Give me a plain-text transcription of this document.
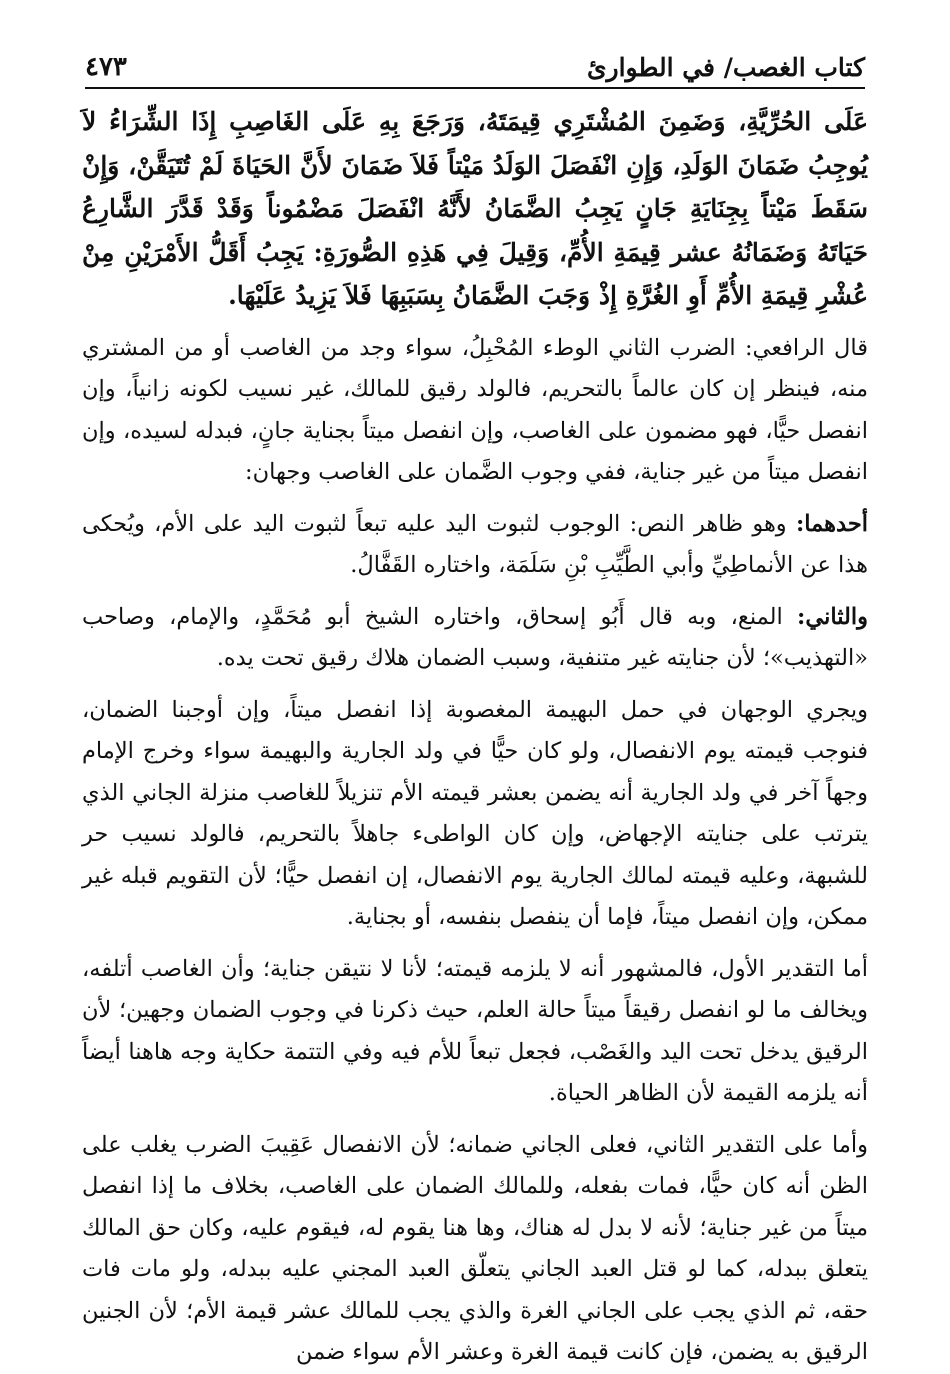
كتاب الغصب/ في الطوارئ
٤٧٣

عَلَى الحُرِّيَّةِ، وَضَمِنَ المُشْتَرِي قِيمَتَهُ، وَرَجَعَ بِهِ عَلَى الغَاصِبِ إِذَا الشِّرَاءُ لاَ يُوجِبُ ضَمَانَ الوَلَدِ، وَإِنِ انْفَصَلَ الوَلَدُ مَيْتاً فَلاَ ضَمَانَ لأَنَّ الحَيَاةَ لَمْ تُتَيَقَّنْ، وَإِنْ سَقَطَ مَيْتاً بِجِنَايَةِ جَانٍ يَجِبُ الضَّمَانُ لأَنَّهُ انْفَصَلَ مَضْمُوناً وَقَدْ قَدَّرَ الشَّارِعُ حَيَاتَهُ وَضَمَانُهُ عشر قِيمَةِ الأُمِّ، وَقِيلَ فِي هَذِهِ الصُّورَةِ: يَجِبُ أَقَلُّ الأَمْرَيْنِ مِنْ عُشْرِ قِيمَةِ الأُمِّ أَوِ الغُرَّةِ إِذْ وَجَبَ الضَّمَانُ بِسَبَبِهَا فَلاَ يَزِيدُ عَلَيْهَا.

قال الرافعي: الضرب الثاني الوطء المُحْبِلُ، سواء وجد من الغاصب أو من المشتري منه، فينظر إن كان عالماً بالتحريم، فالولد رقيق للمالك، غير نسيب لكونه زانياً، وإن انفصل حيًّا، فهو مضمون على الغاصب، وإن انفصل ميتاً بجناية جانٍ، فبدله لسيده، وإن انفصل ميتاً من غير جناية، ففي وجوب الضَّمان على الغاصب وجهان:

أحدهما: وهو ظاهر النص: الوجوب لثبوت اليد عليه تبعاً لثبوت اليد على الأم، ويُحكى هذا عن الأنماطِيِّ وأبي الطَّيِّبِ بْنِ سَلَمَة، واختاره القَفَّالُ.

والثاني: المنع، وبه قال أَبُو إسحاق، واختاره الشيخ أبو مُحَمَّدٍ، والإمام، وصاحب «التهذيب»؛ لأن جنايته غير متنفية، وسبب الضمان هلاك رقيق تحت يده.

ويجري الوجهان في حمل البهيمة المغصوبة إذا انفصل ميتاً، وإن أوجبنا الضمان، فنوجب قيمته يوم الانفصال، ولو كان حيًّا في ولد الجارية والبهيمة سواء وخرج الإمام وجهاً آخر في ولد الجارية أنه يضمن بعشر قيمته الأم تنزيلاً للغاصب منزلة الجاني الذي يترتب على جنايته الإجهاض، وإن كان الواطىء جاهلاً بالتحريم، فالولد نسيب حر للشبهة، وعليه قيمته لمالك الجارية يوم الانفصال، إن انفصل حيًّا؛ لأن التقويم قبله غير ممكن، وإن انفصل ميتاً، فإما أن ينفصل بنفسه، أو بجناية.

أما التقدير الأول، فالمشهور أنه لا يلزمه قيمته؛ لأنا لا نتيقن جناية؛ وأن الغاصب أتلفه، ويخالف ما لو انفصل رقيقاً ميتاً حالة العلم، حيث ذكرنا في وجوب الضمان وجهين؛ لأن الرقيق يدخل تحت اليد والغَصْب، فجعل تبعاً للأم فيه وفي التتمة حكاية وجه هاهنا أيضاً أنه يلزمه القيمة لأن الظاهر الحياة.

وأما على التقدير الثاني، فعلى الجاني ضمانه؛ لأن الانفصال عَقِيبَ الضرب يغلب على الظن أنه كان حيًّا، فمات بفعله، وللمالك الضمان على الغاصب، بخلاف ما إذا انفصل ميتاً من غير جناية؛ لأنه لا بدل له هناك، وها هنا يقوم له، فيقوم عليه، وكان حق المالك يتعلق ببدله، كما لو قتل العبد الجاني يتعلّق العبد المجني عليه ببدله، ولو مات فات حقه، ثم الذي يجب على الجاني الغرة والذي يجب للمالك عشر قيمة الأم؛ لأن الجنين الرقيق به يضمن، فإن كانت قيمة الغرة وعشر الأم سواء ضمن
